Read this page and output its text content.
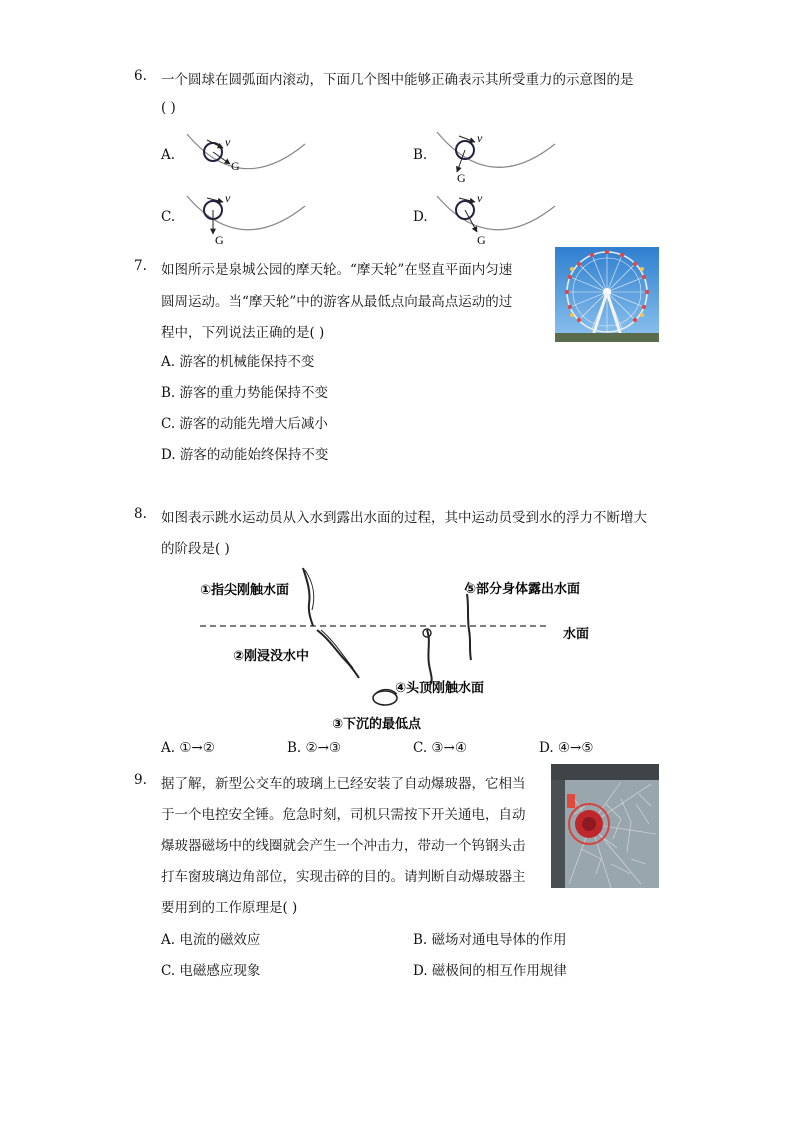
6. 一个圆球在圆弧面内滚动，下面几个图中能够正确表示其所受重力的示意图的是
( )
A.
v
G
B.
v
G
C.
v
G
D.
v
G
7. 如图所示是泉城公园的摩天轮。“摩天轮”在竖直平面内匀速
圆周运动。当“摩天轮”中的游客从最低点向最高点运动的过
程中，下列说法正确的是( )
A. 游客的机械能保持不变
B. 游客的重力势能保持不变
C. 游客的动能先增大后减小
D. 游客的动能始终保持不变
8. 如图表示跳水运动员从入水到露出水面的过程，其中运动员受到水的浮力不断增大
的阶段是( )
①指尖刚触水面	⑤部分身体露出水面
水面
②刚浸没水中
④头顶刚触水面
③下沉的最低点
A. ①→②	B. ②→③	C. ③→④	D. ④→⑤
9. 据了解，新型公交车的玻璃上已经安装了自动爆玻器，它相当
于一个电控安全锤。危急时刻，司机只需按下开关通电，自动
爆玻器磁场中的线圈就会产生一个冲击力，带动一个钨钢头击
打车窗玻璃边角部位，实现击碎的目的。请判断自动爆玻器主
要用到的工作原理是( )
A. 电流的磁效应	B. 磁场对通电导体的作用
C. 电磁感应现象	D. 磁极间的相互作用规律
